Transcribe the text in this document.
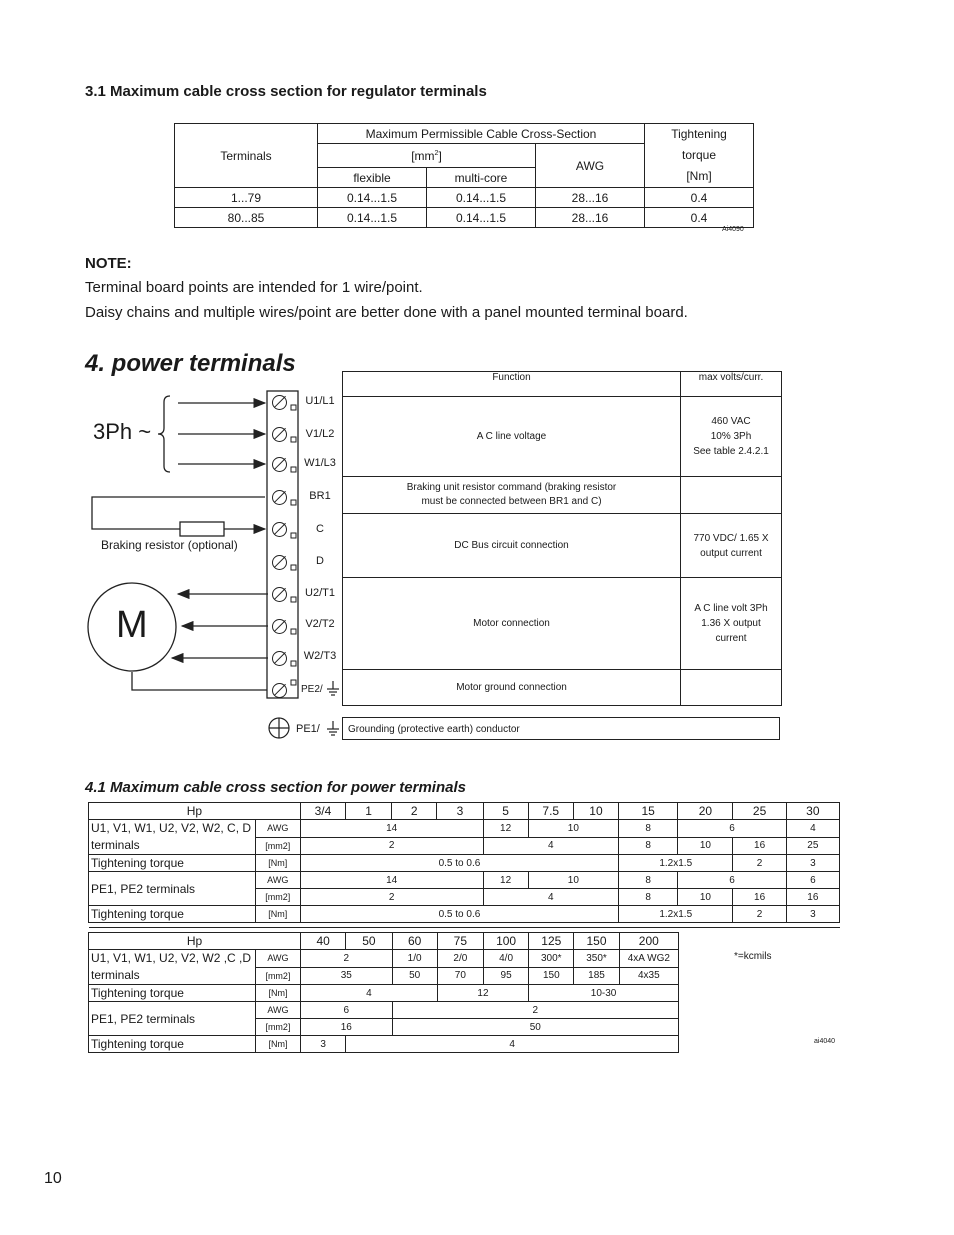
3.1 Maximum cable cross section for regulator terminals
Terminals	Maximum Permissible Cable Cross-Section			Tightening
torque
[Nm]

	$[mm^2]$		AWG	
	flexible	multi-core		
1...79	0.14...1.5	0.14...1.5	28...16	0.4
80...85	0.14...1.5	0.14...1.5	28...16	0.4
Ai4090
NOTE:

Terminal board points are intended for 1 wire/point.

Daisy chains and multiple wires/point are better done with a panel mounted terminal board.

4. power terminals
U1/L1
V1/L2
W1/L3
BR1
C
D
U2/T1
V2/T2
W2/T3
PE2/
PE1/
3Ph ~
M
Braking resistor (optional)
Function	max volts/curr.
A C line voltage	460 VAC
10% 3Ph
See table 2.4.2.1

Braking unit resistor command (braking resistor
must be connected between BR1 and C)	

DC Bus circuit connection	770 VDC/ 1.65 X
output current

Motor connection	A C line volt 3Ph
1.36 X output
current

Motor ground connection	
Grounding (protective earth) conductor
4.1 Maximum cable cross section for power terminals
Hp		3/4	1	2	3	5	7.5	10	15	20	25	30

U1, V1, W1, U2, V2, W2, C, D
terminals	AWG	14				12	10		8	6		4
	[mm2]	2				4			8	10	16	25
Tightening torque	[Nm]	0.5 to 0.6							1.2x1.5		2	3
PE1, PE2 terminals	AWG	14				12	10		8	6		6
	[mm2]	2				4			8	10	16	16
Tightening torque	[Nm]	0.5 to 0.6							1.2x1.5		2	3

Hp		40	50	60	75	100	125	150	200

U1, V1, W1, U2, V2, W2 ,C ,D
terminals	AWG	2		1/0	2/0	4/0	300*	350*	4xA WG2
	[mm2]	35		50	70	95	150	185	4x35
Tightening torque	[Nm]	4			12		10-30		
PE1, PE2 terminals	AWG	6		2					
	[mm2]	16		50					
Tightening torque	[Nm]	3	4						
*=kcmils
ai4040
10
